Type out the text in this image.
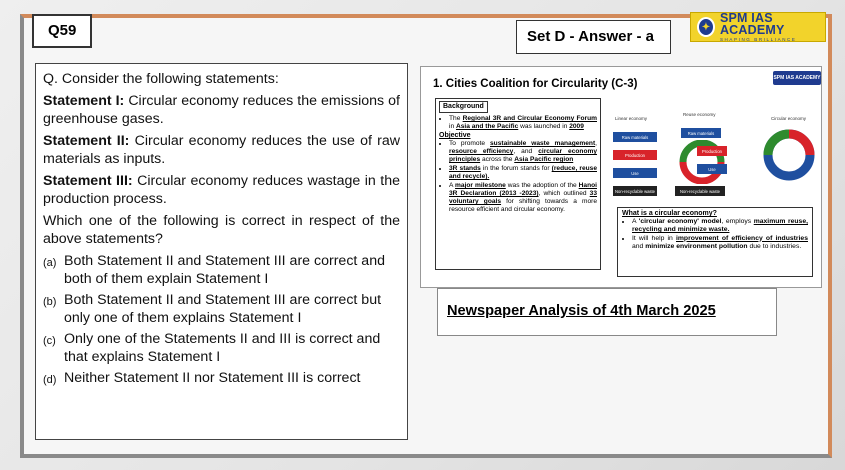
Q59	Set D - Answer - a
✦
SPM IAS ACADEMY
SHAPING BRILLIANCE

Q. Consider the following statements:

Statement I: Circular economy reduces the emissions of greenhouse gases.

Statement II: Circular economy reduces the use of raw materials as inputs.

Statement III: Circular economy reduces wastage in the production process.

Which one of the following is correct in respect of the above statements?

(a) Both Statement II and Statement III are correct and both of them explain Statement I
(b) Both Statement II and Statement III are correct but only one of them explains Statement I
(c) Only one of the Statements II and III is correct and that explains Statement I
(d) Neither Statement II nor Statement III is correct
1. Cities Coalition for Circularity (C-3)	SPM IAS ACADEMY
Background
• The Regional 3R and Circular Economy Forum in Asia and the Pacific was launched in 2009
Objective
• To promote sustainable waste management, resource efficiency, and circular economy principles across the Asia Pacific region
• 3R stands in the forum stands for (reduce, reuse and recycle).
• A major milestone was the adoption of the Hanoi 3R Declaration (2013 -2023), which outlined 33 voluntary goals for shifting towards a more resource efficient and circular economy.
Linear economy
Reuse economy
Circular economy
Raw materials
Production
Use
Non-recyclable waste
Raw materials
Production
Use
Non-recyclable waste
What is a circular economy?
• A 'circular economy' model, employs maximum reuse, recycling and minimize waste.
• It will help in improvement of efficiency of industries and minimize environment pollution due to industries.
Newspaper Analysis of 4th March 2025
